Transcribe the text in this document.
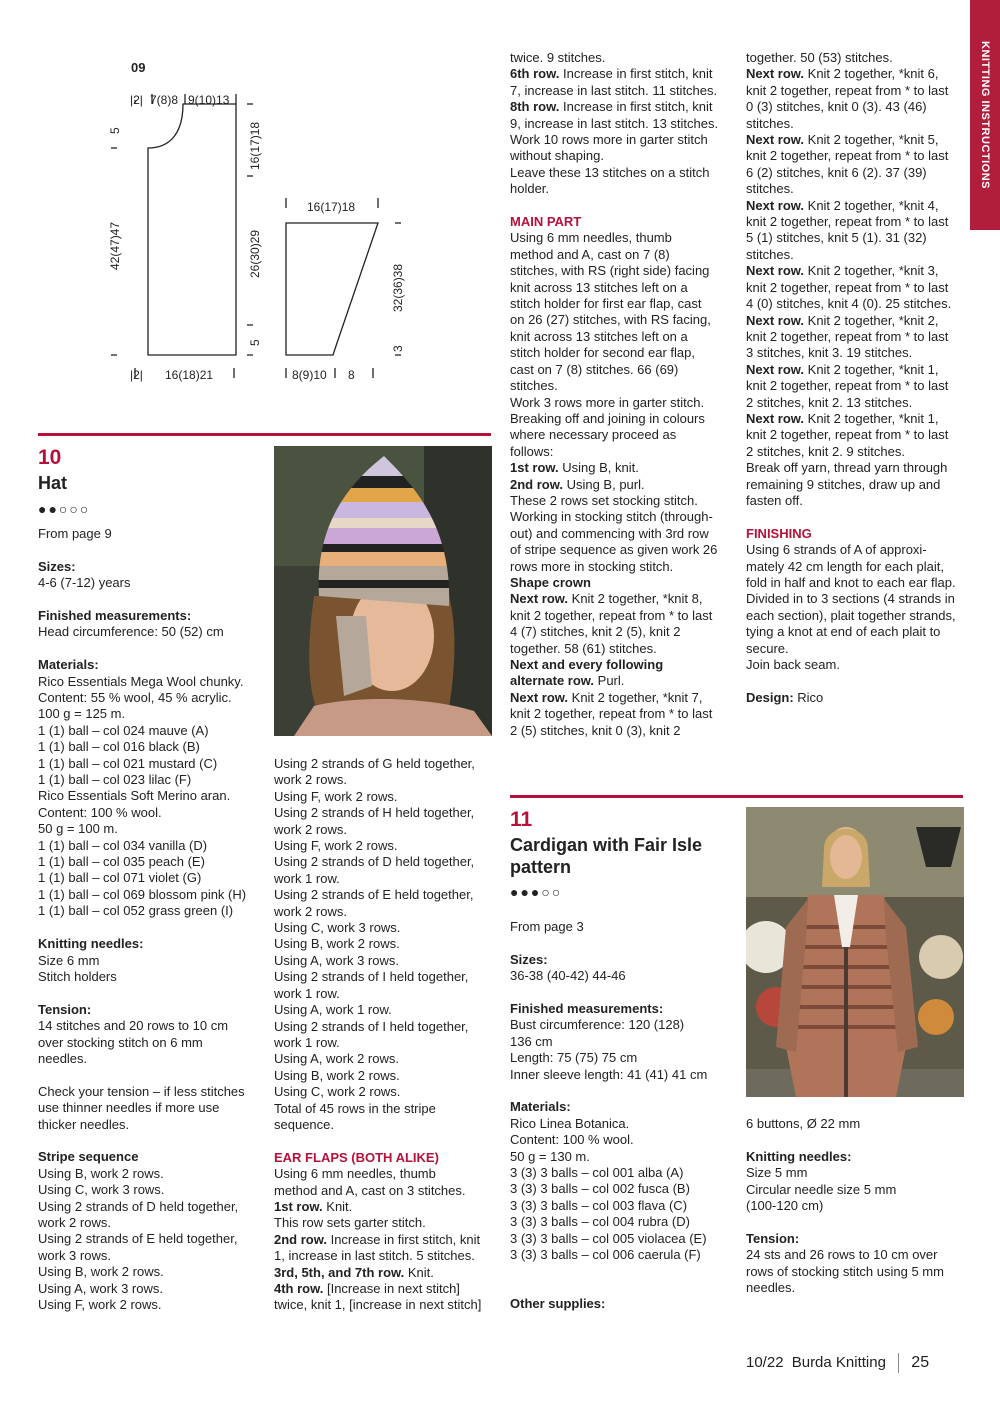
KNITTING INSTRUCTIONS
09
|2| 7(8)8 9(10)13
5
42(47)47
16(17)18
26(30)29
5
|2| 16(18)21
16(17)18
32(36)38
3
8(9)10 8
10
Hat
●●○○○

From page 9

Sizes:

4-6 (7-12) years

Finished measurements:

Head circumference: 50 (52) cm

Materials:

Rico Essentials Mega Wool chunky.

Content: 55 % wool, 45 % acrylic.

100 g = 125 m.

1 (1) ball – col 024 mauve (A)

1 (1) ball – col 016 black (B)

1 (1) ball – col 021 mustard (C)

1 (1) ball – col 023 lilac (F)

Rico Essentials Soft Merino aran.

Content: 100 % wool.

50 g = 100 m.

1 (1) ball – col 034 vanilla (D)

1 (1) ball – col 035 peach (E)

1 (1) ball – col 071 violet (G)

1 (1) ball – col 069 blossom pink (H)

1 (1) ball – col 052 grass green (I)

Knitting needles:

Size 6 mm

Stitch holders

Tension:

14 stitches and 20 rows to 10 cm

over stocking stitch on 6 mm

needles.

Check your tension – if less stitches

use thinner needles if more use

thicker needles.

Stripe sequence

Using B, work 2 rows.

Using C, work 3 rows.

Using 2 strands of D held together,

work 2 rows.

Using 2 strands of E held together,

work 3 rows.

Using B, work 2 rows.

Using A, work 3 rows.

Using F, work 2 rows.

Using 2 strands of G held together,

work 2 rows.

Using F, work 2 rows.

Using 2 strands of H held together,

work 2 rows.

Using F, work 2 rows.

Using 2 strands of D held together,

work 1 row.

Using 2 strands of E held together,

work 2 rows.

Using C, work 3 rows.

Using B, work 2 rows.

Using A, work 3 rows.

Using 2 strands of I held together,

work 1 row.

Using A, work 1 row.

Using 2 strands of I held together,

work 1 row.

Using A, work 2 rows.

Using B, work 2 rows.

Using C, work 2 rows.

Total of 45 rows in the stripe

sequence.

EAR FLAPS (BOTH ALIKE)

Using 6 mm needles, thumb

method and A, cast on 3 stitches.

1st row. Knit.

This row sets garter stitch.

2nd row. Increase in first stitch, knit

1, increase in last stitch. 5 stitches.

3rd, 5th, and 7th row. Knit.

4th row. [Increase in next stitch]

twice, knit 1, [increase in next stitch]

twice. 9 stitches.

6th row. Increase in first stitch, knit

7, increase in last stitch. 11 stitches.

8th row. Increase in first stitch, knit

9, increase in last stitch. 13 stitches.

Work 10 rows more in garter stitch

without shaping.

Leave these 13 stitches on a stitch

holder.

MAIN PART

Using 6 mm needles, thumb

method and A, cast on 7 (8)

stitches, with RS (right side) facing

knit across 13 stitches left on a

stitch holder for first ear flap, cast

on 26 (27) stitches, with RS facing,

knit across 13 stitches left on a

stitch holder for second ear flap,

cast on 7 (8) stitches. 66 (69)

stitches.

Work 3 rows more in garter stitch.

Breaking off and joining in colours

where necessary proceed as

follows:

1st row. Using B, knit.

2nd row. Using B, purl.

These 2 rows set stocking stitch.

Working in stocking stitch (through-

out) and commencing with 3rd row

of stripe sequence as given work 26

rows more in stocking stitch.

Shape crown

Next row. Knit 2 together, *knit 8,

knit 2 together, repeat from * to last

4 (7) stitches, knit 2 (5), knit 2

together. 58 (61) stitches.

Next and every following

alternate row. Purl.

Next row. Knit 2 together, *knit 7,

knit 2 together, repeat from * to last

2 (5) stitches, knit 0 (3), knit 2

together. 50 (53) stitches.

Next row. Knit 2 together, *knit 6,

knit 2 together, repeat from * to last

0 (3) stitches, knit 0 (3). 43 (46)

stitches.

Next row. Knit 2 together, *knit 5,

knit 2 together, repeat from * to last

6 (2) stitches, knit 6 (2). 37 (39)

stitches.

Next row. Knit 2 together, *knit 4,

knit 2 together, repeat from * to last

5 (1) stitches, knit 5 (1). 31 (32)

stitches.

Next row. Knit 2 together, *knit 3,

knit 2 together, repeat from * to last

4 (0) stitches, knit 4 (0). 25 stitches.

Next row. Knit 2 together, *knit 2,

knit 2 together, repeat from * to last

3 stitches, knit 3. 19 stitches.

Next row. Knit 2 together, *knit 1,

knit 2 together, repeat from * to last

2 stitches, knit 2. 13 stitches.

Next row. Knit 2 together, *knit 1,

knit 2 together, repeat from * to last

2 stitches, knit 2. 9 stitches.

Break off yarn, thread yarn through

remaining 9 stitches, draw up and

fasten off.

FINISHING

Using 6 strands of A of approxi-

mately 42 cm length for each plait,

fold in half and knot to each ear flap.

Divided in to 3 sections (4 strands in

each section), plait together strands,

tying a knot at end of each plait to

secure.

Join back seam.

Design: Rico

11
Cardigan with Fair Isle
pattern
●●●○○

From page 3

Sizes:

36-38 (40-42) 44-46

Finished measurements:

Bust circumference: 120 (128)

136 cm

Length: 75 (75) 75 cm

Inner sleeve length: 41 (41) 41 cm

Materials:

Rico Linea Botanica.

Content: 100 % wool.

50 g = 130 m.

3 (3) 3 balls – col 001 alba (A)

3 (3) 3 balls – col 002 fusca (B)

3 (3) 3 balls – col 003 flava (C)

3 (3) 3 balls – col 004 rubra (D)

3 (3) 3 balls – col 005 violacea (E)

3 (3) 3 balls – col 006 caerula (F)

Other supplies:

6 buttons, Ø 22 mm

Knitting needles:

Size 5 mm

Circular needle size 5 mm

(100-120 cm)

Tension:

24 sts and 26 rows to 10 cm over

rows of stocking stitch using 5 mm

needles.

10/22 Burda Knitting 25
